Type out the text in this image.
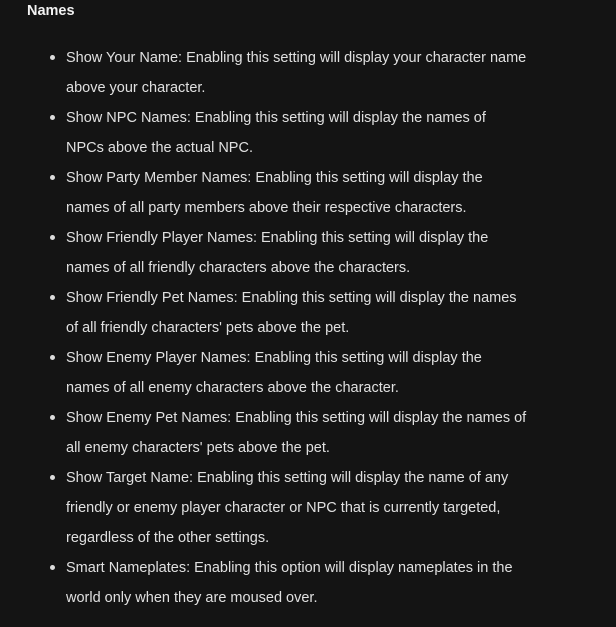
Names
Show Your Name: Enabling this setting will display your character name above your character.
Show NPC Names: Enabling this setting will display the names of NPCs above the actual NPC.
Show Party Member Names: Enabling this setting will display the names of all party members above their respective characters.
Show Friendly Player Names: Enabling this setting will display the names of all friendly characters above the characters.
Show Friendly Pet Names: Enabling this setting will display the names of all friendly characters' pets above the pet.
Show Enemy Player Names: Enabling this setting will display the names of all enemy characters above the character.
Show Enemy Pet Names: Enabling this setting will display the names of all enemy characters' pets above the pet.
Show Target Name: Enabling this setting will display the name of any friendly or enemy player character or NPC that is currently targeted, regardless of the other settings.
Smart Nameplates: Enabling this option will display nameplates in the world only when they are moused over.
